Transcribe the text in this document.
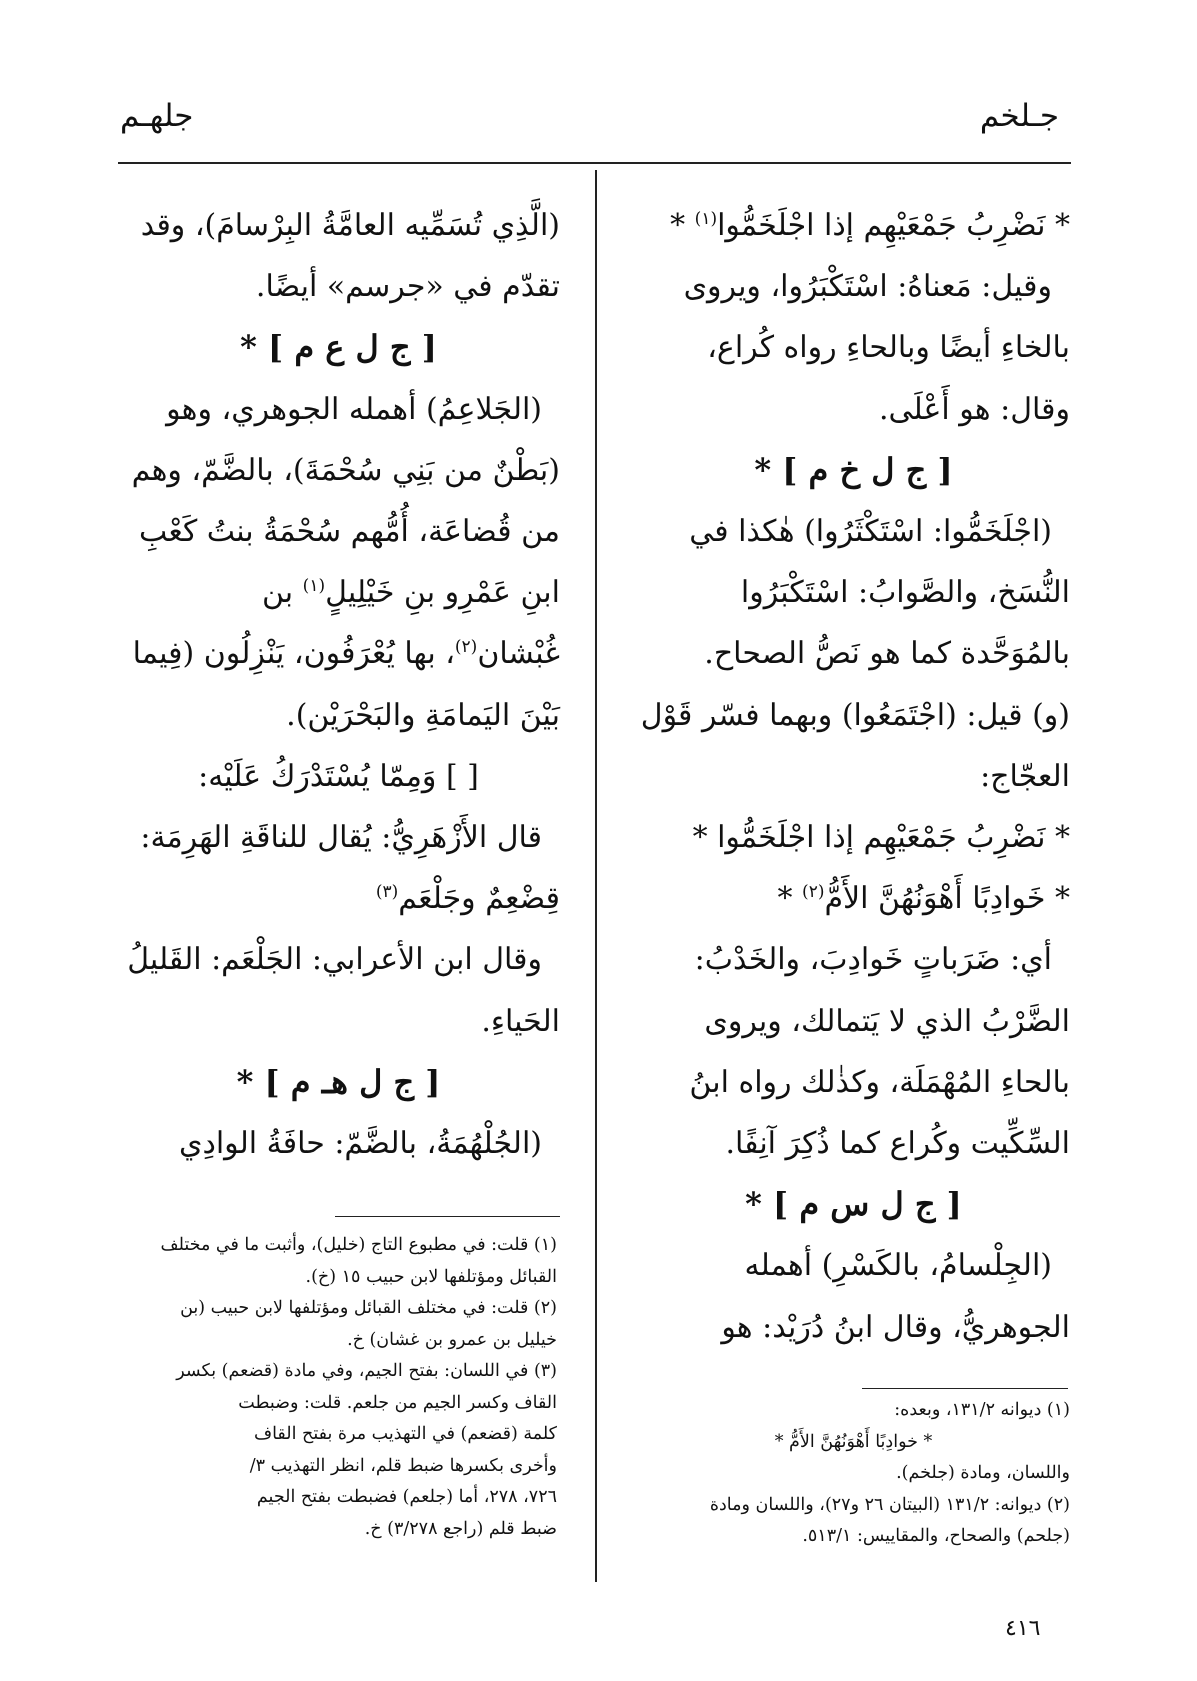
جـلخم
جلهـم

* نَضْرِبُ جَمْعَيْهِم إذا اجْلَخَمُّوا$^{(١)}$ *

وقيل: مَعناهُ: اسْتَكْبَرُوا، ويروى

بالخاءِ أيضًا وبالحاءِ رواه كُراع،

وقال: هو أَعْلَى.

[ ج ل خ م ] *

(اجْلَخَمُّوا: اسْتَكْثَرُوا) هٰكذا في

النُّسَخ، والصَّوابُ: اسْتَكْبَرُوا

بالمُوَحَّدة كما هو نَصُّ الصحاح.

(و) قيل: (اجْتَمَعُوا) وبهما فسّر قَوْل

العجّاج:

* نَضْرِبُ جَمْعَيْهِم إذا اجْلَخَمُّوا *

* خَوادِبًا أَهْوَنُهُنَّ الأَمُّ$^{(٢)}$ *

أي: ضَرَباتٍ خَوادِبَ، والخَدْبُ:

الضَّرْبُ الذي لا يَتمالك، ويروى

بالحاءِ المُهْمَلَة، وكذٰلك رواه ابنُ

السِّكِّيت وكُراع كما ذُكِرَ آنِفًا.

[ ج ل س م ] *

(الجِلْسامُ، بالكَسْرِ) أهمله

الجوهريُّ، وقال ابنُ دُرَيْد: هو

(الَّذِي تُسَمِّيه العامَّةُ البِرْسامَ)، وقد

تقدّم في «جرسم» أيضًا.

[ ج ل ع م ] *

(الجَلاعِمُ) أهمله الجوهري، وهو

(بَطْنٌ من بَنِي سُحْمَةَ)، بالضَّمّ، وهم

من قُضاعَة، أُمُّهم سُحْمَةُ بنتُ كَعْبِ

ابنِ عَمْرِو بنِ خَيْلِيلٍ$^{(١)}$ بن

غُبْشان$^{(٢)}$، بها يُعْرَفُون، يَنْزِلُون (فِيما

بَيْنَ اليَمامَةِ والبَحْرَيْن).

[ ] وَمِمّا يُسْتَدْرَكُ عَلَيْه:

قال الأَزْهَرِيُّ: يُقال للناقَةِ الهَرِمَة:

قِضْعِمٌ وجَلْعَم$^{(٣)}$

وقال ابن الأعرابي: الجَلْعَم: القَليلُ

الحَياءِ.

[ ج ل هـ م ] *

(الجُلْهُمَةُ، بالضَّمّ: حافَةُ الوادِي

(١) قلت: في مطبوع التاج (خليل)، وأثبت ما في مختلف

القبائل ومؤتلفها لابن حبيب ١٥ (خ).

(٢) قلت: في مختلف القبائل ومؤتلفها لابن حبيب (بن

خيليل بن عمرو بن غشان) خ.

(٣) في اللسان: بفتح الجيم، وفي مادة (قضعم) بكسر

القاف وكسر الجيم من جلعم. قلت: وضبطت

كلمة (قضعم) في التهذيب مرة بفتح القاف

وأخرى بكسرها ضبط قلم، انظر التهذيب ٣/

٧٢٦، ٢٧٨، أما (جلعم) فضبطت بفتح الجيم

ضبط قلم (راجع ٣/٢٧٨) خ.

(١) ديوانه ١٣١/٢، وبعده:

* خوادِبًا أَهْوَنُهُنَّ الأَمُّ *

واللسان، ومادة (جلخم).

(٢) ديوانه: ١٣١/٢ (البيتان ٢٦ و٢٧)، واللسان ومادة

(جلحم) والصحاح، والمقاييس: ٥١٣/١.

٤١٦
